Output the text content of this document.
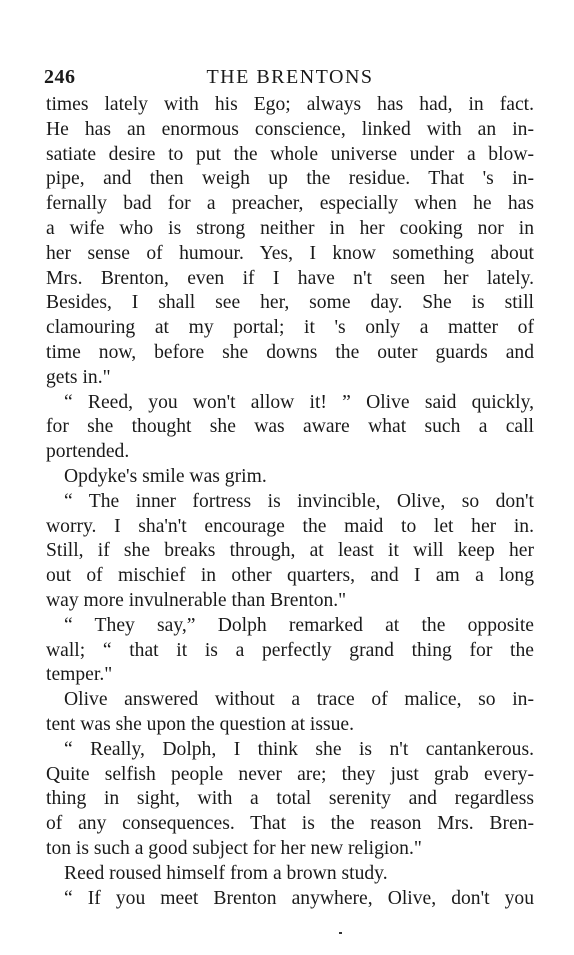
246	THE BRENTONS
times lately with his Ego; always has had, in fact.
He has an enormous conscience, linked with an in-
satiate desire to put the whole universe under a blow-
pipe, and then weigh up the residue. That 's in-
fernally bad for a preacher, especially when he has
a wife who is strong neither in her cooking nor in
her sense of humour. Yes, I know something about
Mrs. Brenton, even if I have n't seen her lately.
Besides, I shall see her, some day. She is still
clamouring at my portal; it 's only a matter of
time now, before she downs the outer guards and
gets in."
“ Reed, you won't allow it! ” Olive said quickly,
for she thought she was aware what such a call
portended.
Opdyke's smile was grim.
“ The inner fortress is invincible, Olive, so don't
worry. I sha'n't encourage the maid to let her in.
Still, if she breaks through, at least it will keep her
out of mischief in other quarters, and I am a long
way more invulnerable than Brenton."
“ They say,” Dolph remarked at the opposite
wall; “ that it is a perfectly grand thing for the
temper."
Olive answered without a trace of malice, so in-
tent was she upon the question at issue.
“ Really, Dolph, I think she is n't cantankerous.
Quite selfish people never are; they just grab every-
thing in sight, with a total serenity and regardless
of any consequences. That is the reason Mrs. Bren-
ton is such a good subject for her new religion."
Reed roused himself from a brown study.
“ If you meet Brenton anywhere, Olive, don't you
